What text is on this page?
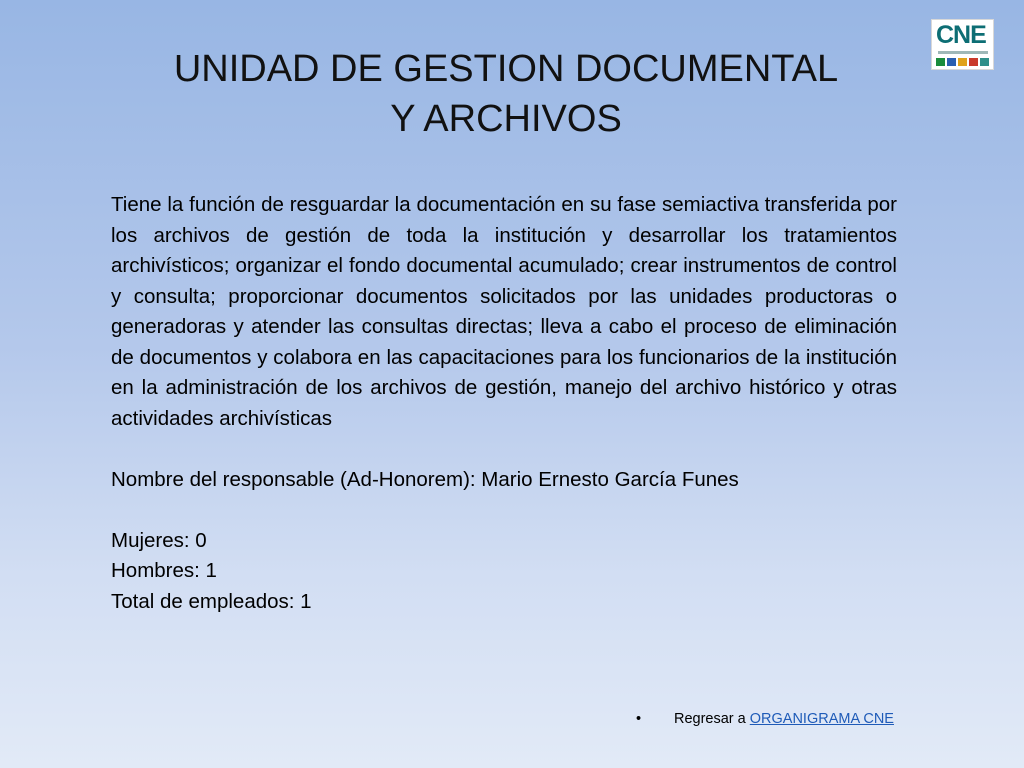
UNIDAD DE GESTION DOCUMENTAL
Y ARCHIVOS
CNE

Tiene la función de resguardar la documentación en su fase semiactiva transferida por los archivos de gestión de toda la institución y desarrollar los tratamientos archivísticos; organizar el fondo documental acumulado; crear instrumentos de control y consulta; proporcionar documentos solicitados por las unidades productoras o generadoras y atender las consultas directas; lleva a cabo el proceso de eliminación de documentos y colabora en las capacitaciones para los funcionarios de la institución en la administración de los archivos de gestión, manejo del archivo histórico y otras actividades archivísticas

Nombre del responsable (Ad-Honorem): Mario Ernesto García Funes

Mujeres: 0

Hombres: 1

Total de empleados: 1

• Regresar a ORGANIGRAMA CNE
